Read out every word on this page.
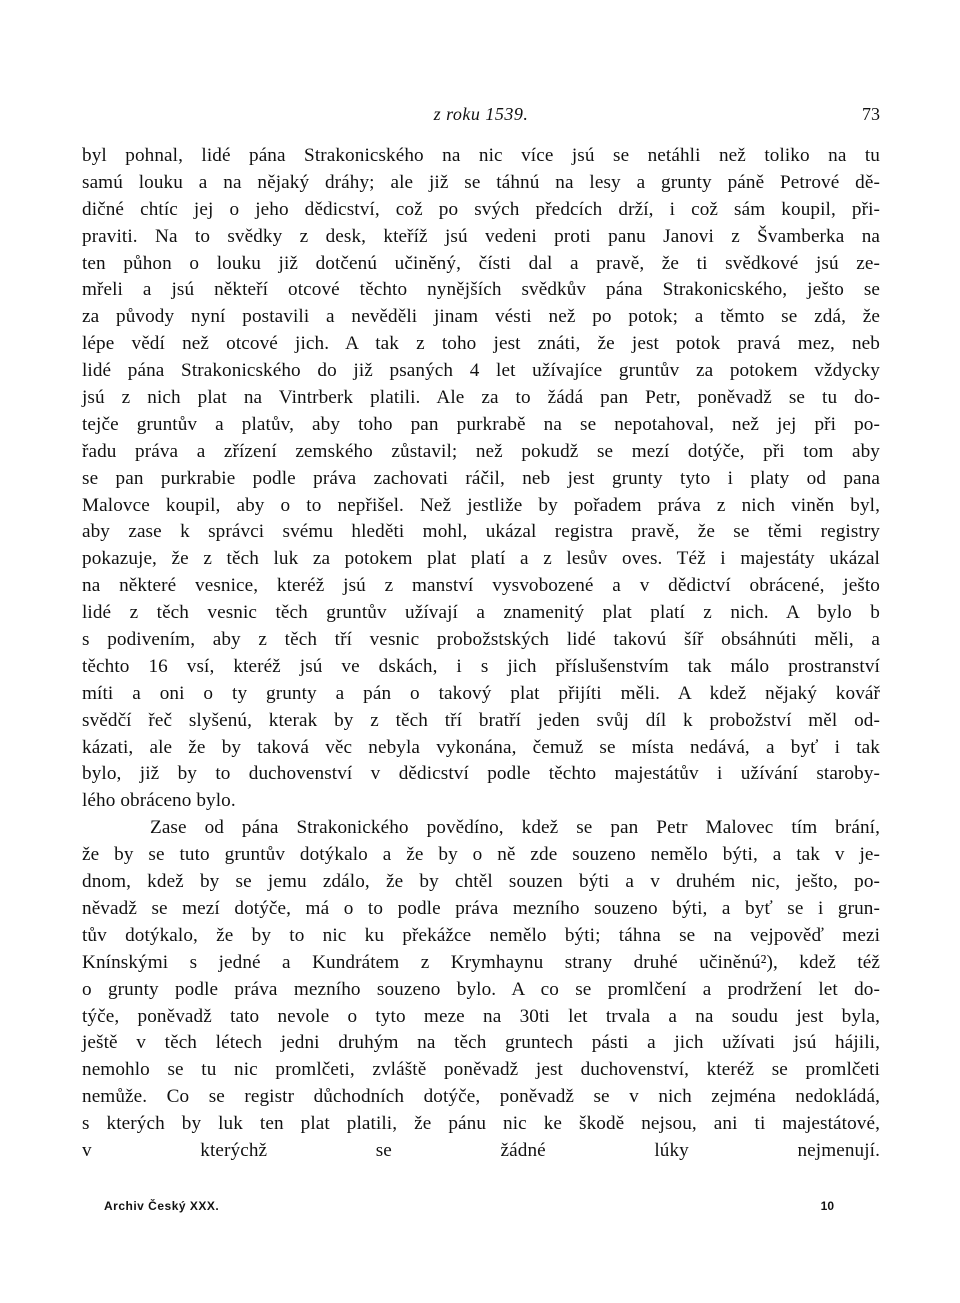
z roku 1539.	73
byl pohnal, lidé pána Strakonicského na nic více jsú se netáhli než toliko na tu
samú louku a na nějaký dráhy; ale již se táhnú na lesy a grunty páně Petrové dě-
dičné chtíc jej o jeho dědicství, což po svých předcích drží, i což sám koupil, při-
praviti. Na to svědky z desk, kteříž jsú vedeni proti panu Janovi z Švamberka na
ten půhon o louku již dotčenú učiněný, čísti dal a pravě, že ti svědkové jsú ze-
mřeli a jsú někteří otcové těchto nynějších svědkův pána Strakonicského, ješto se
za původy nyní postavili a nevěděli jinam vésti než po potok; a těmto se zdá, že
lépe vědí než otcové jich. A tak z toho jest znáti, že jest potok pravá mez, neb
lidé pána Strakonicského do již psaných 4 let užívajíce gruntův za potokem vždycky
jsú z nich plat na Vintrberk platili. Ale za to žádá pan Petr, poněvadž se tu do-
tejče gruntův a platův, aby toho pan purkrabě na se nepotahoval, než jej při po-
řadu práva a zřízení zemského zůstavil; než pokudž se mezí dotýče, při tom aby
se pan purkrabie podle práva zachovati ráčil, neb jest grunty tyto i platy od pana
Malovce koupil, aby o to nepřišel. Než jestliže by pořadem práva z nich viněn byl,
aby zase k správci svému hleděti mohl, ukázal registra pravě, že se těmi registry
pokazuje, že z těch luk za potokem plat platí a z lesův oves. Též i majestáty ukázal
na některé vesnice, kteréž jsú z manství vysvobozené a v dědictví obrácené, ješto
lidé z těch vesnic těch gruntův užívají a znamenitý plat platí z nich. A bylo b
s podivením, aby z těch tří vesnic probožstských lidé takovú šíř obsáhnúti měli, a
těchto 16 vsí, kteréž jsú ve dskách, i s jich příslušenstvím tak málo prostranství
míti a oni o ty grunty a pán o takový plat přijíti měli. A kdež nějaký kovář
svědčí řeč slyšenú, kterak by z těch tří bratří jeden svůj díl k probožství měl od-
kázati, ale že by taková věc nebyla vykonána, čemuž se místa nedává, a byť i tak
bylo, již by to duchovenství v dědicství podle těchto majestátův i užívání staroby-
lého obráceno bylo.
Zase od pána Strakonického povědíno, kdež se pan Petr Malovec tím brání,
že by se tuto gruntův dotýkalo a že by o ně zde souzeno nemělo býti, a tak v je-
dnom, kdež by se jemu zdálo, že by chtěl souzen býti a v druhém nic, ješto, po-
něvadž se mezí dotýče, má o to podle práva mezního souzeno býti, a byť se i grun-
tův dotýkalo, že by to nic ku překážce nemělo býti; táhna se na vejpověď mezi
Knínskými s jedné a Kundrátem z Krymhaynu strany druhé učiněnú²), kdež též
o grunty podle práva mezního souzeno bylo. A co se promlčení a prodržení let do-
týče, poněvadž tato nevole o tyto meze na 30ti let trvala a na soudu jest byla,
ještě v těch létech jedni druhým na těch gruntech pásti a jich užívati jsú hájili,
nemohlo se tu nic promlčeti, zvláště poněvadž jest duchovenství, kteréž se promlčeti
nemůže. Co se registr důchodních dotýče, poněvadž se v nich zejména nedokládá,
s kterých by luk ten plat platili, že pánu nic ke škodě nejsou, ani ti majestátové,
v kterýchž se žádné lúky nejmenují.
Archiv Český XXX.	10
